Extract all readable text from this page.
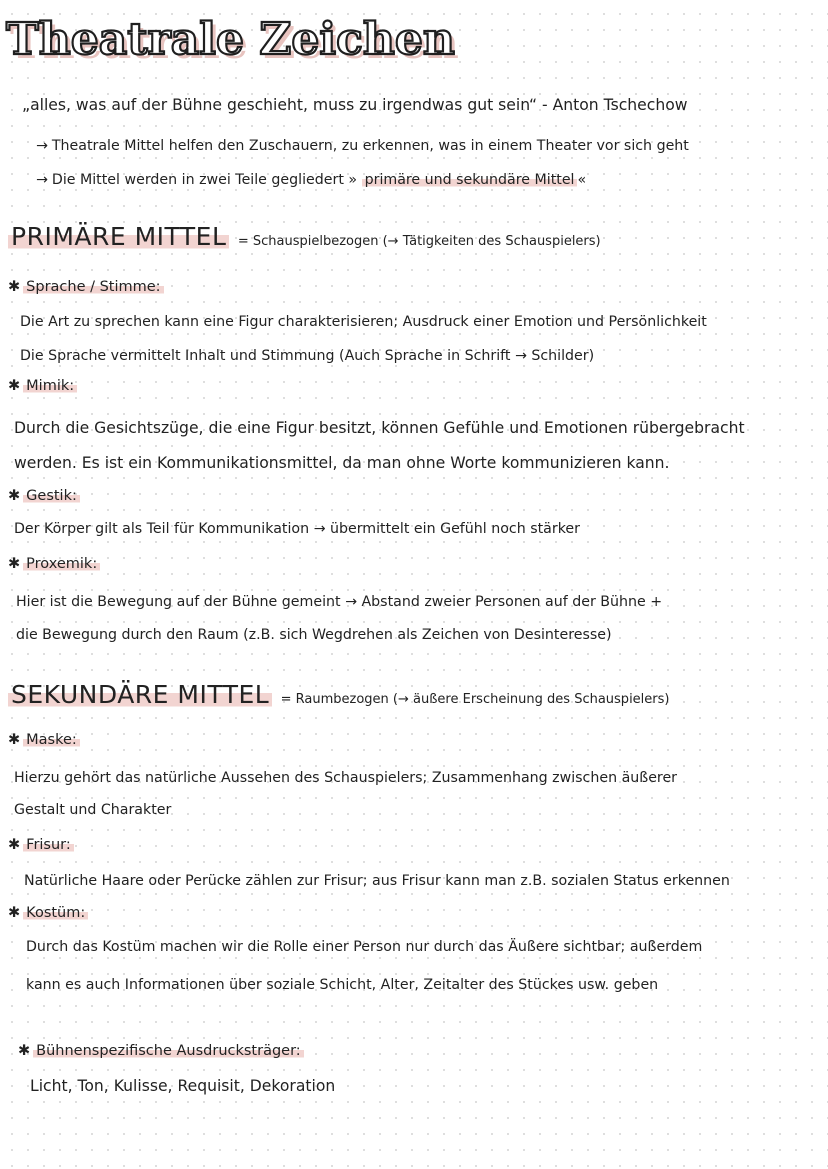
Theatrale Zeichen
„alles, was auf der Bühne geschieht, muss zu irgendwas gut sein“ - Anton Tschechow
→ Theatrale Mittel helfen den Zuschauern, zu erkennen, was in einem Theater vor sich geht
→ Die Mittel werden in zwei Teile gegliedert » primäre und sekundäre Mittel «
PRIMÄRE MITTEL = Schauspielbezogen (→ Tätigkeiten des Schauspielers)
✱ Sprache / Stimme:
Die Art zu sprechen kann eine Figur charakterisieren; Ausdruck einer Emotion und Persönlichkeit
Die Sprache vermittelt Inhalt und Stimmung (Auch Sprache in Schrift → Schilder)
✱ Mimik:
Durch die Gesichtszüge, die eine Figur besitzt, können Gefühle und Emotionen rübergebracht
werden. Es ist ein Kommunikationsmittel, da man ohne Worte kommunizieren kann.
✱ Gestik:
Der Körper gilt als Teil für Kommunikation → übermittelt ein Gefühl noch stärker
✱ Proxemik:
Hier ist die Bewegung auf der Bühne gemeint → Abstand zweier Personen auf der Bühne +
die Bewegung durch den Raum (z.B. sich Wegdrehen als Zeichen von Desinteresse)
SEKUNDÄRE MITTEL = Raumbezogen (→ äußere Erscheinung des Schauspielers)
✱ Maske:
Hierzu gehört das natürliche Aussehen des Schauspielers; Zusammenhang zwischen äußerer
Gestalt und Charakter
✱ Frisur:
Natürliche Haare oder Perücke zählen zur Frisur; aus Frisur kann man z.B. sozialen Status erkennen
✱ Kostüm:
Durch das Kostüm machen wir die Rolle einer Person nur durch das Äußere sichtbar; außerdem
kann es auch Informationen über soziale Schicht, Alter, Zeitalter des Stückes usw. geben
✱ Bühnenspezifische Ausdrucksträger:
Licht, Ton, Kulisse, Requisit, Dekoration
